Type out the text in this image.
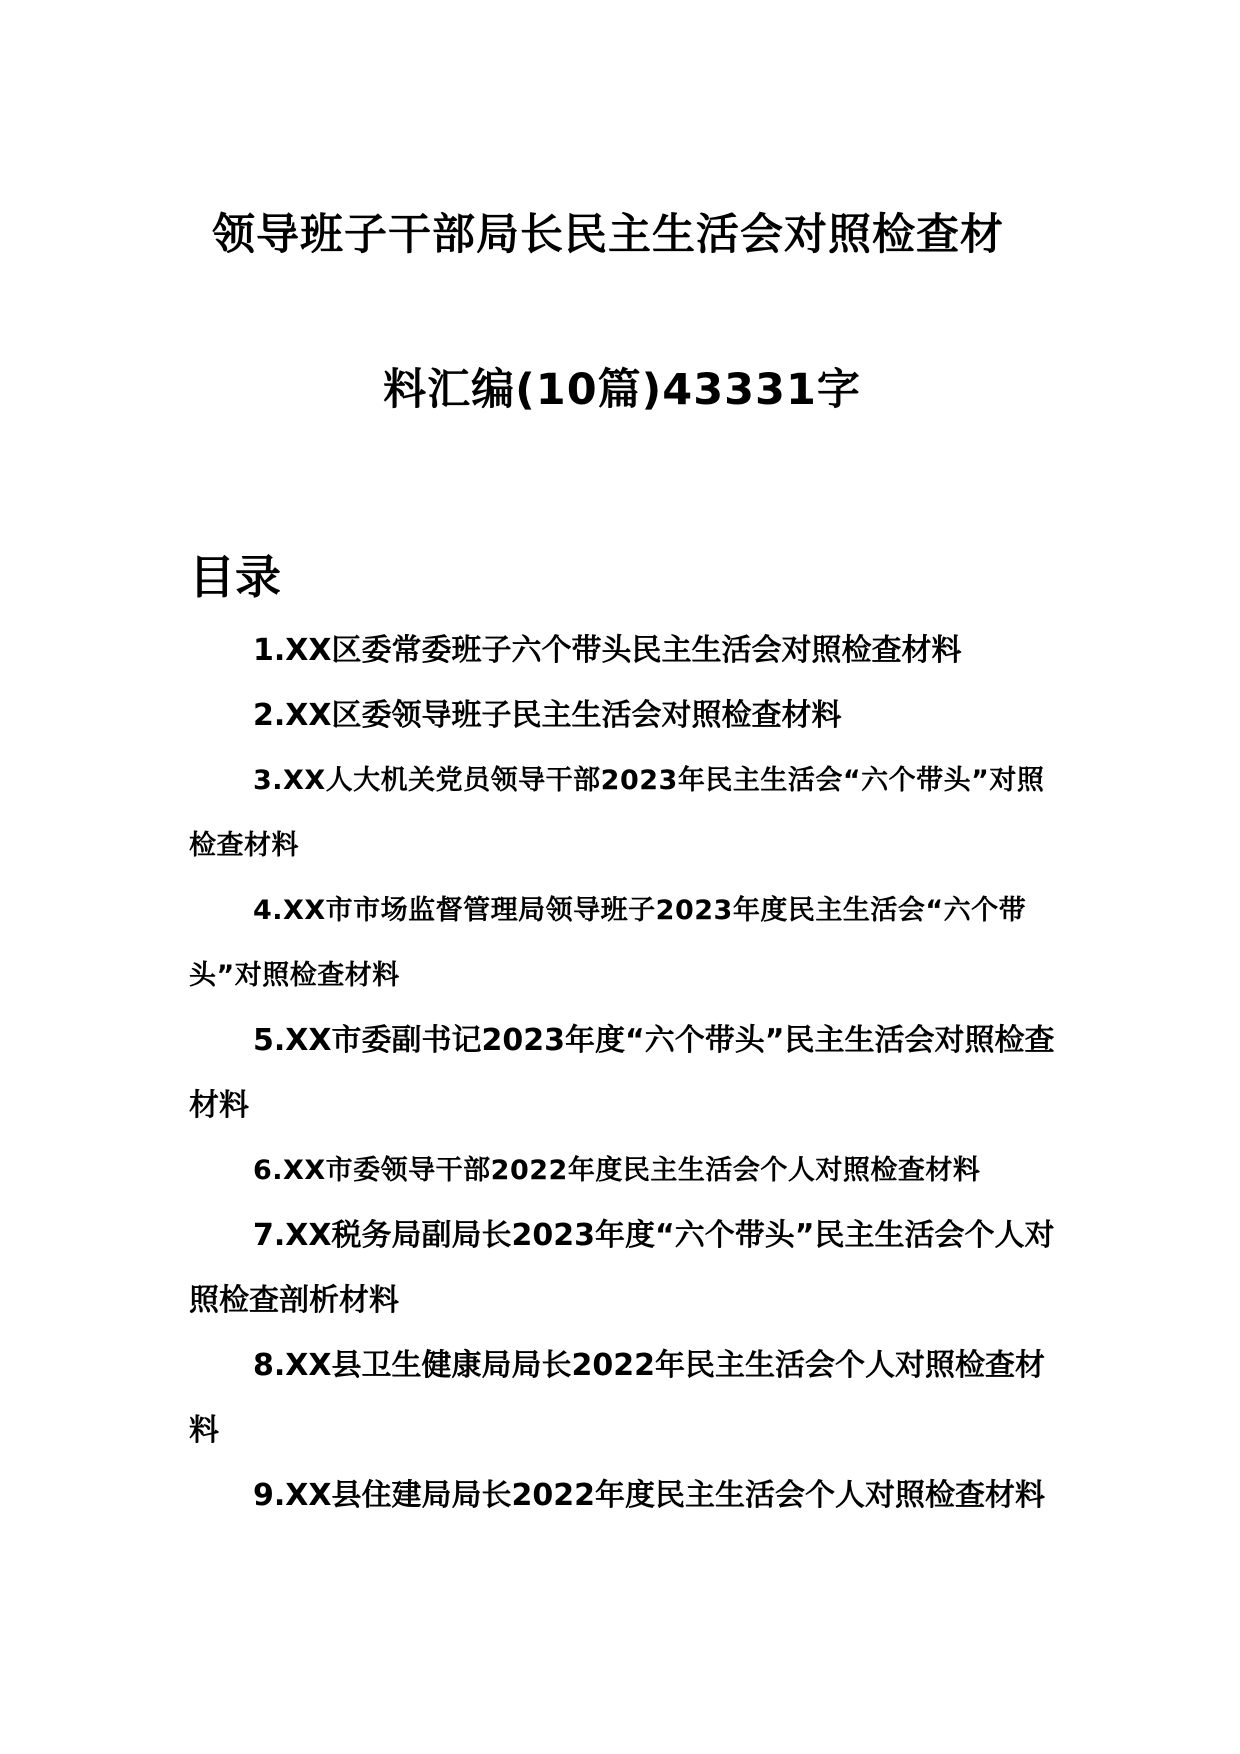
领导班子干部局长民主生活会对照检查材
料汇编(10篇)43331字
目录
1.XX区委常委班子六个带头民主生活会对照检查材料
2.XX区委领导班子民主生活会对照检查材料
3.XX人大机关党员领导干部2023年民主生活会“六个带头”对照检查材料
4.XX市市场监督管理局领导班子2023年度民主生活会“六个带头”对照检查材料
5.XX市委副书记2023年度“六个带头”民主生活会对照检查材料
6.XX市委领导干部2022年度民主生活会个人对照检查材料
7.XX税务局副局长2023年度“六个带头”民主生活会个人对照检查剖析材料
8.XX县卫生健康局局长2022年民主生活会个人对照检查材料
9.XX县住建局局长2022年度民主生活会个人对照检查材料
